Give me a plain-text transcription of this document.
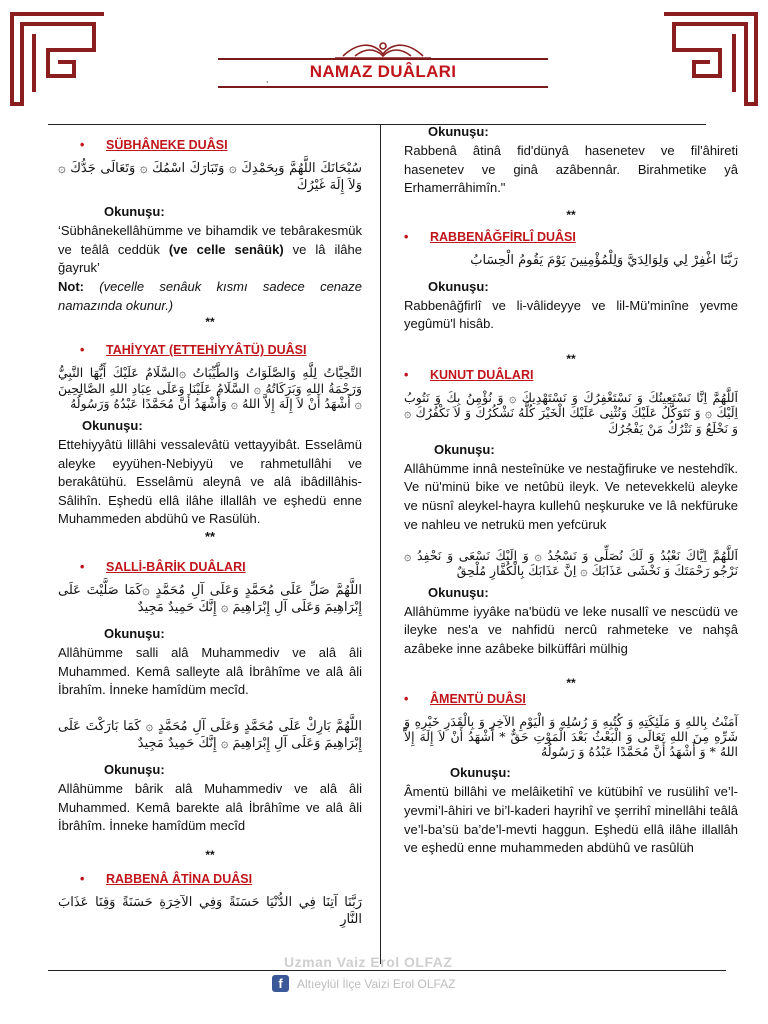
,	NAMAZ DUÂLARI
• SÜBHÂNEKE DUÂSI
سُبْحَانَكَ اللَّهُمَّ وَبِحَمْدِكَ ۞ وَتَبَارَكَ اسْمُكَ ۞ وَتَعَالَى جَدُّكَ ۞ وَلاَ إِلَهَ غَيْرُكَ
Okunuşu:
‘Sübhânekellâhümme ve bihamdik ve tebârakesmük ve teâlâ ceddük (ve celle senâük) ve lâ ilâhe ğayruk’
Not: (vecelle senâuk kısmı sadece cenaze namazında okunur.)
**
• TAHİYYAT (ETTEHİYYÂTÜ) DUÂSI
التَّحِيَّاتُ لِلَّهِ وَالصَّلَوَاتُ وَالطَّيِّبَاتُ ۞السَّلَامُ عَلَيْكَ أَيُّهَا النَّبِيُّ وَرَحْمَةُ اللهِ وَبَرَكَاتُهُ ۞ السَّلَامُ عَلَيْنَا وَعَلَى عِبَادِ اللهِ الصَّالِحِينَ ۞ أَشْهَدُ أَنْ لاَ إِلَهَ إِلاَّ اللهُ ۞ وَأَشْهَدُ أَنَّ مُحَمَّدًا عَبْدُهُ وَرَسُولُهُ
Okunuşu:
Ettehiyyâtü lillâhi vessalevâtü vettayyibât. Esselâmü aleyke eyyühen-Nebiyyü ve rahmetullâhi ve berakâtühü. Esselâmü aleynâ ve alâ ibâdillâhis-Sâlihîn. Eşhedü ellâ ilâhe illallâh ve eşhedü enne Muhammeden abdühû ve Rasülüh.
**
• SALLİ-BÂRİK DUÂLARI
اللَّهُمَّ صَلِّ عَلَى مُحَمَّدٍ وَعَلَى آلِ مُحَمَّدٍ ۞كَمَا صَلَّيْتَ عَلَى إِبْرَاهِيمَ وَعَلَى آلِ إِبْرَاهِيمَ ۞ إِنَّكَ حَمِيدٌ مَجِيدٌ
Okunuşu:
Allâhümme salli alâ Muhammediv ve alâ âli Muhammed. Kemâ salleyte alâ İbrâhîme ve alâ âli İbrahîm. İnneke hamîdüm mecîd.
اللَّهُمَّ بَارِكْ عَلَى مُحَمَّدٍ وَعَلَى آلِ مُحَمَّدٍ ۞ كَمَا بَارَكْتَ عَلَى إِبْرَاهِيمَ وَعَلَى آلِ إِبْرَاهِيمَ ۞ إِنَّكَ حَمِيدٌ مَجِيدٌ
Okunuşu:
Allâhümme bârik alâ Muhammediv ve alâ âli Muhammed. Kemâ barekte alâ İbrâhîme ve alâ âli İbrâhîm. İnneke hamîdüm mecîd
**
• RABBENÂ ÂTİNA DUÂSI
رَبَّنَا آتِنَا فِي الدُّنْيَا حَسَنَةً وَفِي الآخِرَةِ حَسَنَةً وَقِنَا عَذَابَ النَّارِ
Okunuşu:
Rabbenâ âtinâ fid'dünyâ hasenetev ve fil'âhireti hasenetev ve ginâ azâbennâr. Birahmetike yâ Erhamerrâhimîn."
**
• RABBENÂĞFİRLÎ DUÂSI
رَبَّنَا اغْفِرْ لِي وَلِوَالِدَيَّ وَلِلْمُؤْمِنِينَ يَوْمَ يَقُومُ الْحِسَابُ
Okunuşu:
Rabbenâğfirlî ve li-vâlideyye ve lil-Mü'minîne yevme yegûmü'l hisâb.
**
• KUNUT DUÂLARI
اَللَّهُمَّ اِنَّا نَسْتَعِينُكَ وَ نَسْتَغْفِرُكَ وَ نَسْتَهْدِيكَ ۞ وَ نُؤْمِنُ بِكَ وَ نَتُوبُ اِلَيْكَ ۞ وَ نَتَوَكَّلُ عَلَيْكَ وَنُثْنِى عَلَيْكَ الْخَيْرَ كُلَّهُ نَشْكُرُكَ وَ لاَ نَكْفُرُكَ ۞ وَ نَخْلَعُ وَ نَتْرُكُ مَنْ يَفْجُرُكَ
Okunuşu:
Allâhümme innâ nesteînüke ve nestağfiruke ve nestehdîk. Ve nü'minü bike ve netûbü ileyk. Ve netevekkelü aleyke ve nüsnî aleykel-hayra kullehû neşkuruke ve lâ nekfüruke ve nahleu ve netrukü men yefcüruk
اَللَّهُمَّ اِيَّاكَ نَعْبُدُ وَ لَكَ نُصَلِّى وَ نَسْجُدُ ۞ وَ اِلَيْكَ نَسْعَى وَ نَحْفِدُ ۞ نَرْجُو رَحْمَتَكَ وَ نَخْشَى عَذَابَكَ ۞ اِنَّ عَذَابَكَ بِالْكُفَّارِ مُلْحِقٌ
Okunuşu:
Allâhümme iyyâke na'büdü ve leke nusallî ve nescüdü ve ileyke nes'a ve nahfidü nercû rahmeteke ve nahşâ azâbeke inne azâbeke bilküffâri mülhig
**
• ÂMENTÜ DUÂSI
آمَنْتُ بِاللهِ وَ مَلَئِكَتِهِ وَ كُتُبِهِ وَ رُسُلِهِ وَ الْيَوْمِ الآخِرِ وَ بِالْقَدَرِ خَيْرِهِ وَ شَرِّهِ مِنَ اللهِ تَعَالَى وَ الْبَعْثُ بَعْدَ الْمَوْتِ حَقٌّ * أَشْهَدُ أَنْ لاَ إِلَهَ إِلاَّ اللهُ * وَ أَشْهَدُ أَنَّ مُحَمَّدًا عَبْدُهُ وَ رَسُولُهُ
Okunuşu:
Âmentü billâhi ve melâiketihî ve kütübihî ve rusülihî ve’l-yevmi’l-âhiri ve bi’l-kaderi hayrihî ve şerrihî minellâhi teâlâ ve’l-ba’sü ba’de’l-mevti haggun. Eşhedü ellâ ilâhe illallâh ve eşhedü enne muhammeden abdühû ve rasûlüh
Uzman Vaiz Erol OLFAZ
f	Altıeylül İlçe Vaizi Erol OLFAZ
